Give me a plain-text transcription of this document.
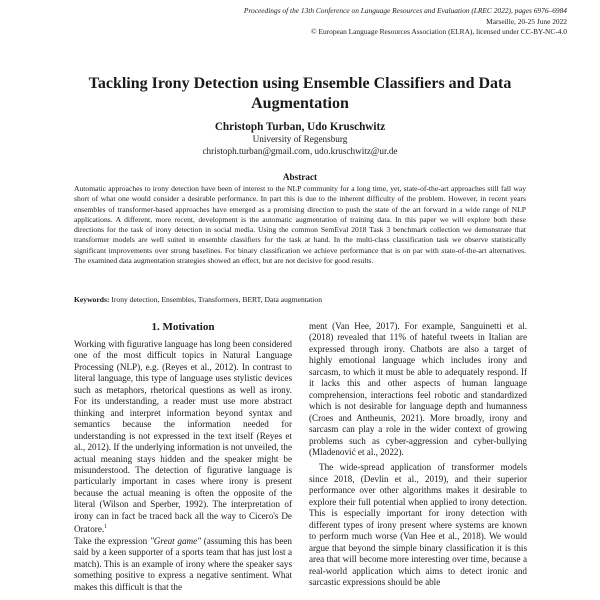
Proceedings of the 13th Conference on Language Resources and Evaluation (LREC 2022), pages 6976–6984
Marseille, 20-25 June 2022
© European Language Resources Association (ELRA), licensed under CC-BY-NC-4.0
Tackling Irony Detection using Ensemble Classifiers and Data Augmentation
Christoph Turban, Udo Kruschwitz
University of Regensburg
christoph.turban@gmail.com, udo.kruschwitz@ur.de
Abstract
Automatic approaches to irony detection have been of interest to the NLP community for a long time, yet, state-of-the-art approaches still fall way short of what one would consider a desirable performance. In part this is due to the inherent difficulty of the problem. However, in recent years ensembles of transformer-based approaches have emerged as a promising direction to push the state of the art forward in a wide range of NLP applications. A different, more recent, development is the automatic augmentation of training data. In this paper we will explore both these directions for the task of irony detection in social media. Using the common SemEval 2018 Task 3 benchmark collection we demonstrate that transformer models are well suited in ensemble classifiers for the task at hand. In the multi-class classification task we observe statistically significant improvements over strong baselines. For binary classification we achieve performance that is on par with state-of-the-art alternatives. The examined data augmentation strategies showed an effect, but are not decisive for good results.
Keywords: Irony detection, Ensembles, Transformers, BERT, Data augmentation
1. Motivation

Working with figurative language has long been considered one of the most difficult topics in Natural Language Processing (NLP), e.g. (Reyes et al., 2012). In contrast to literal language, this type of language uses stylistic devices such as metaphors, rhetorical questions as well as irony. For its understanding, a reader must use more abstract thinking and interpret information beyond syntax and semantics because the information needed for understanding is not expressed in the text itself (Reyes et al., 2012). If the underlying information is not unveiled, the actual meaning stays hidden and the speaker might be misunderstood. The detection of figurative language is particularly important in cases where irony is present because the actual meaning is often the opposite of the literal (Wilson and Sperber, 1992). The interpretation of irony can in fact be traced back all the way to Cicero's De Oratore.$^1$

Take the expression "Great game" (assuming this has been said by a keen supporter of a sports team that has just lost a match). This is an example of irony where the speaker says something positive to express a negative sentiment. What makes this difficult is that the

ment (Van Hee, 2017). For example, Sanguinetti et al. (2018) revealed that 11% of hateful tweets in Italian are expressed through irony. Chatbots are also a target of highly emotional language which includes irony and sarcasm, to which it must be able to adequately respond. If it lacks this and other aspects of human language comprehension, interactions feel robotic and standardized which is not desirable for language depth and humanness (Croes and Antheunis, 2021). More broadly, irony and sarcasm can play a role in the wider context of growing problems such as cyber-aggression and cyber-bullying (Mladenović et al., 2022).

The wide-spread application of transformer models since 2018, (Devlin et al., 2019), and their superior performance over other algorithms makes it desirable to explore their full potential when applied to irony detection. This is especially important for irony detection with different types of irony present where systems are known to perform much worse (Van Hee et al., 2018). We would argue that beyond the simple binary classification it is this area that will become more interesting over time, because a real-world application which aims to detect ironic and sarcastic expressions should be able
